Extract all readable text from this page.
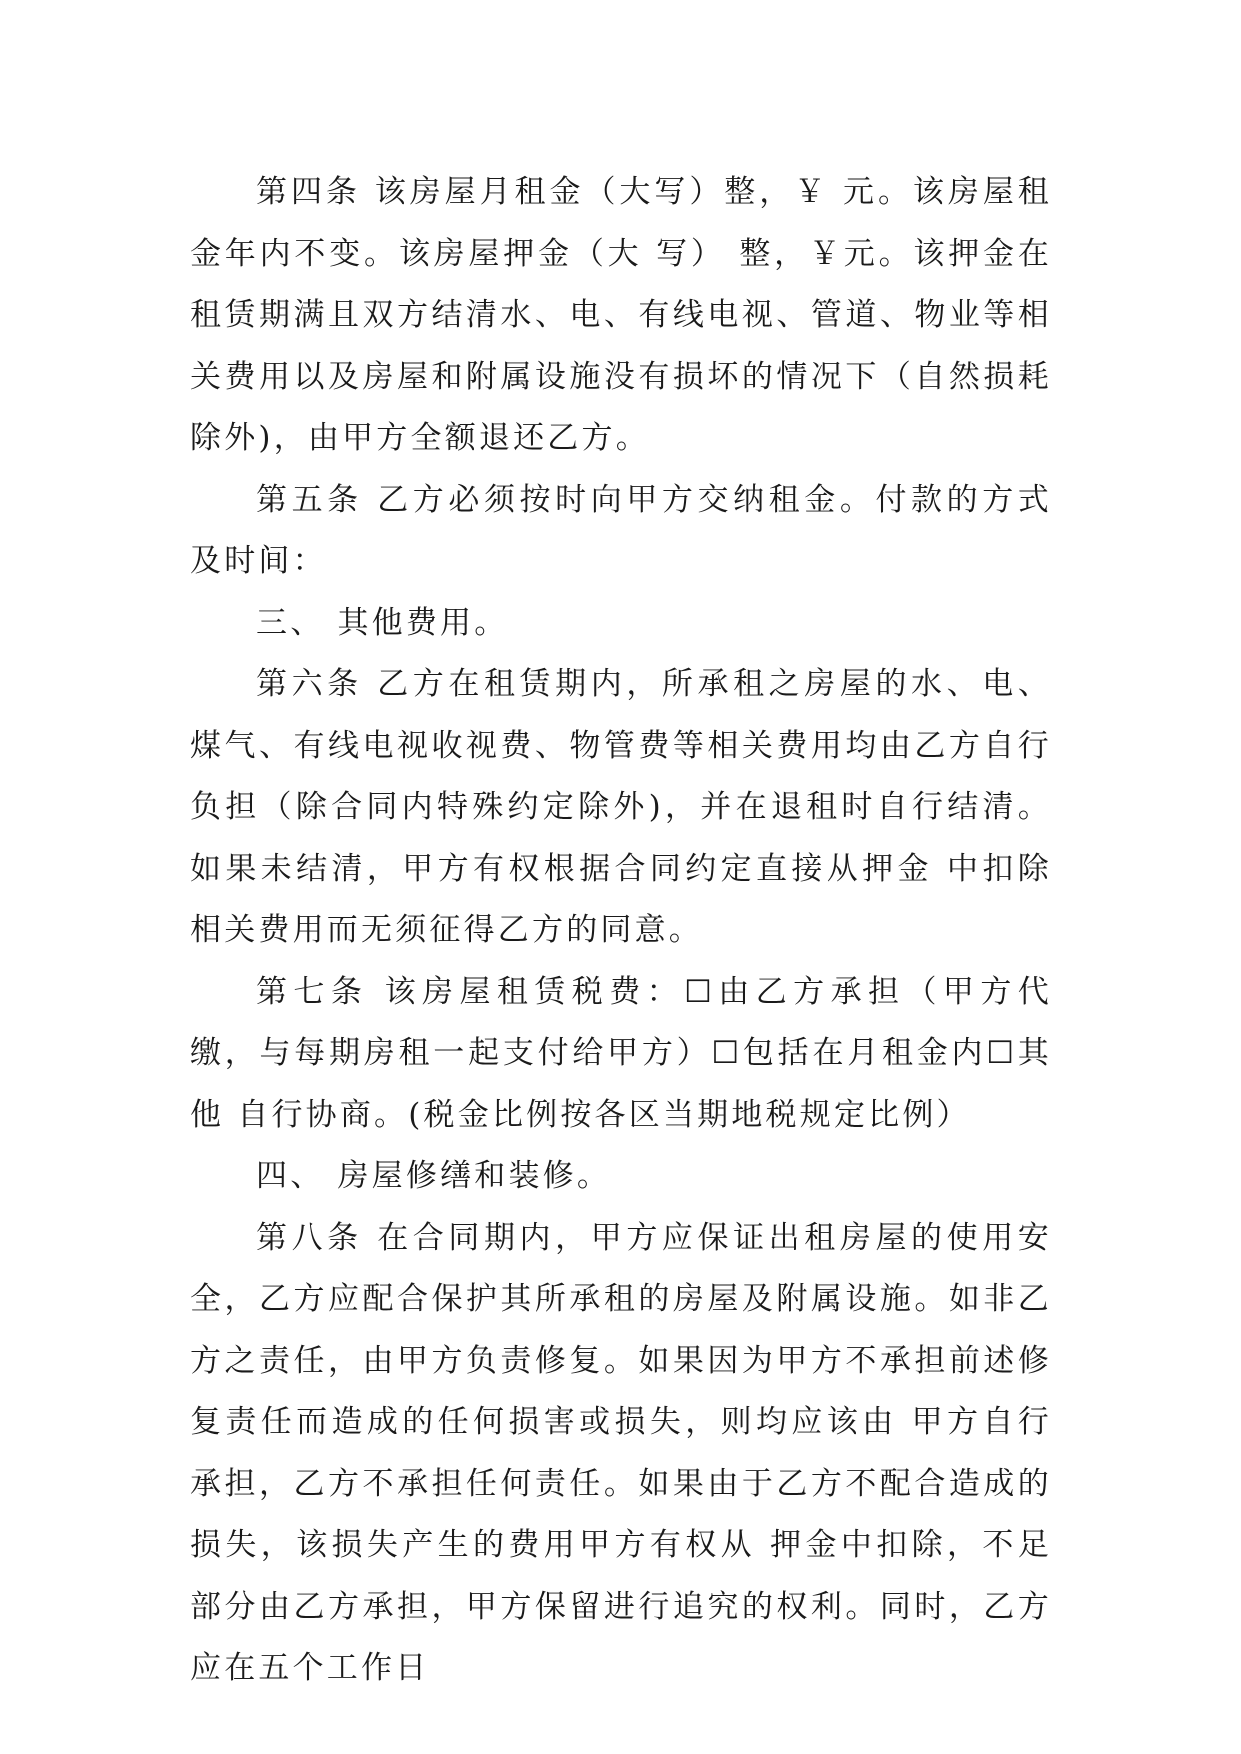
第四条 该房屋月租金（大写）整，￥ 元。该房屋租金年内不变。该房屋押金（大 写） 整，￥元。该押金在租赁期满且双方结清水、电、有线电视、管道、物业等相 关费用以及房屋和附属设施没有损坏的情况下（自然损耗除外)，由甲方全额退还乙方。

第五条 乙方必须按时向甲方交纳租金。付款的方式及时间：

三、 其他费用。

第六条 乙方在租赁期内，所承租之房屋的水、电、煤气、有线电视收视费、物管费等相关费用均由乙方自行 负担（除合同内特殊约定除外)，并在退租时自行结清。如果未结清，甲方有权根据合同约定直接从押金 中扣除相关费用而无须征得乙方的同意。

第七条 该房屋租赁税费：☐由乙方承担（甲方代缴，与每期房租一起支付给甲方）☐包括在月租金内☐其他 自行协商。(税金比例按各区当期地税规定比例）

四、 房屋修缮和装修。

第八条 在合同期内，甲方应保证出租房屋的使用安全，乙方应配合保护其所承租的房屋及附属设施。如非乙 方之责任，由甲方负责修复。如果因为甲方不承担前述修复责任而造成的任何损害或损失，则均应该由 甲方自行承担，乙方不承担任何责任。如果由于乙方不配合造成的损失，该损失产生的费用甲方有权从 押金中扣除，不足部分由乙方承担，甲方保留进行追究的权利。同时，乙方应在五个工作日
